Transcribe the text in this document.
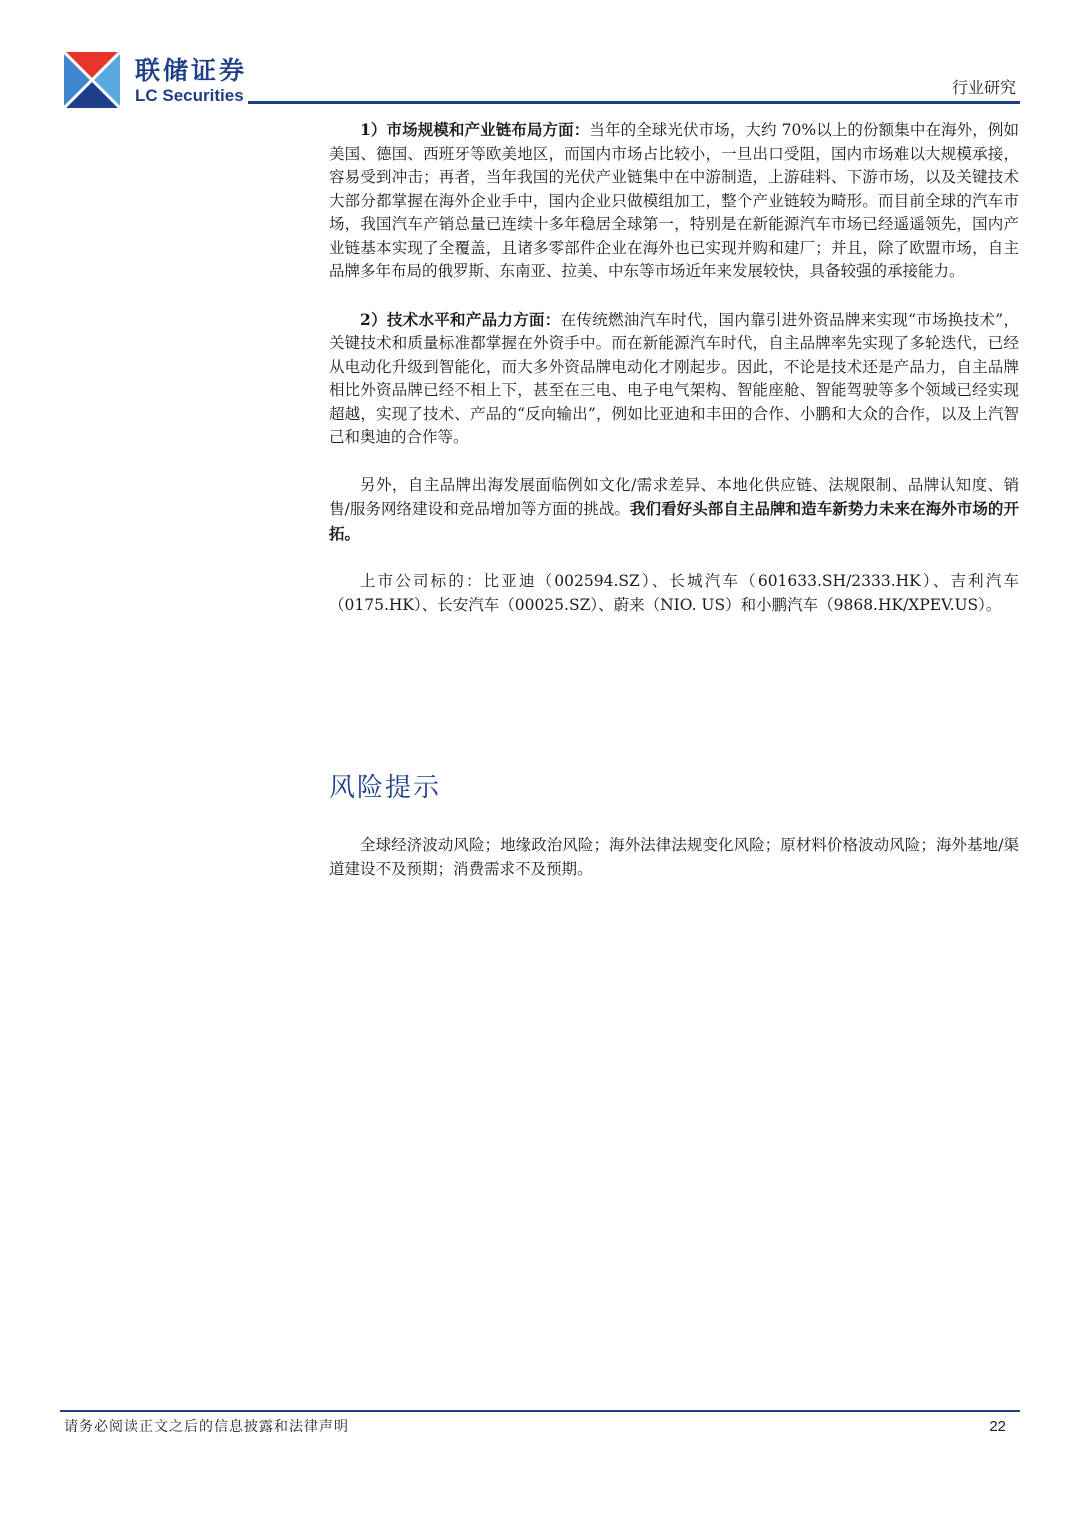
联储证券
LC Securities	行业研究

1）市场规模和产业链布局方面：当年的全球光伏市场，大约 70%以上的份额集中在海外，例如美国、德国、西班牙等欧美地区，而国内市场占比较小，一旦出口受阻，国内市场难以大规模承接，容易受到冲击；再者，当年我国的光伏产业链集中在中游制造，上游硅料、下游市场，以及关键技术大部分都掌握在海外企业手中，国内企业只做模组加工，整个产业链较为畸形。而目前全球的汽车市场，我国汽车产销总量已连续十多年稳居全球第一，特别是在新能源汽车市场已经遥遥领先，国内产业链基本实现了全覆盖，且诸多零部件企业在海外也已实现并购和建厂；并且，除了欧盟市场，自主品牌多年布局的俄罗斯、东南亚、拉美、中东等市场近年来发展较快，具备较强的承接能力。

2）技术水平和产品力方面：在传统燃油汽车时代，国内靠引进外资品牌来实现“市场换技术”，关键技术和质量标准都掌握在外资手中。而在新能源汽车时代，自主品牌率先实现了多轮迭代，已经从电动化升级到智能化，而大多外资品牌电动化才刚起步。因此，不论是技术还是产品力，自主品牌相比外资品牌已经不相上下，甚至在三电、电子电气架构、智能座舱、智能驾驶等多个领域已经实现超越，实现了技术、产品的“反向输出”，例如比亚迪和丰田的合作、小鹏和大众的合作，以及上汽智己和奥迪的合作等。

另外，自主品牌出海发展面临例如文化/需求差异、本地化供应链、法规限制、品牌认知度、销售/服务网络建设和竞品增加等方面的挑战。我们看好头部自主品牌和造车新势力未来在海外市场的开拓。

上市公司标的：比亚迪（002594.SZ）、长城汽车（601633.SH/2333.HK）、吉利汽车（0175.HK）、长安汽车（00025.SZ）、蔚来（NIO. US）和小鹏汽车（9868.HK/XPEV.US）。

风险提示

全球经济波动风险；地缘政治风险；海外法律法规变化风险；原材料价格波动风险；海外基地/渠道建设不及预期；消费需求不及预期。

请务必阅读正文之后的信息披露和法律声明	22
